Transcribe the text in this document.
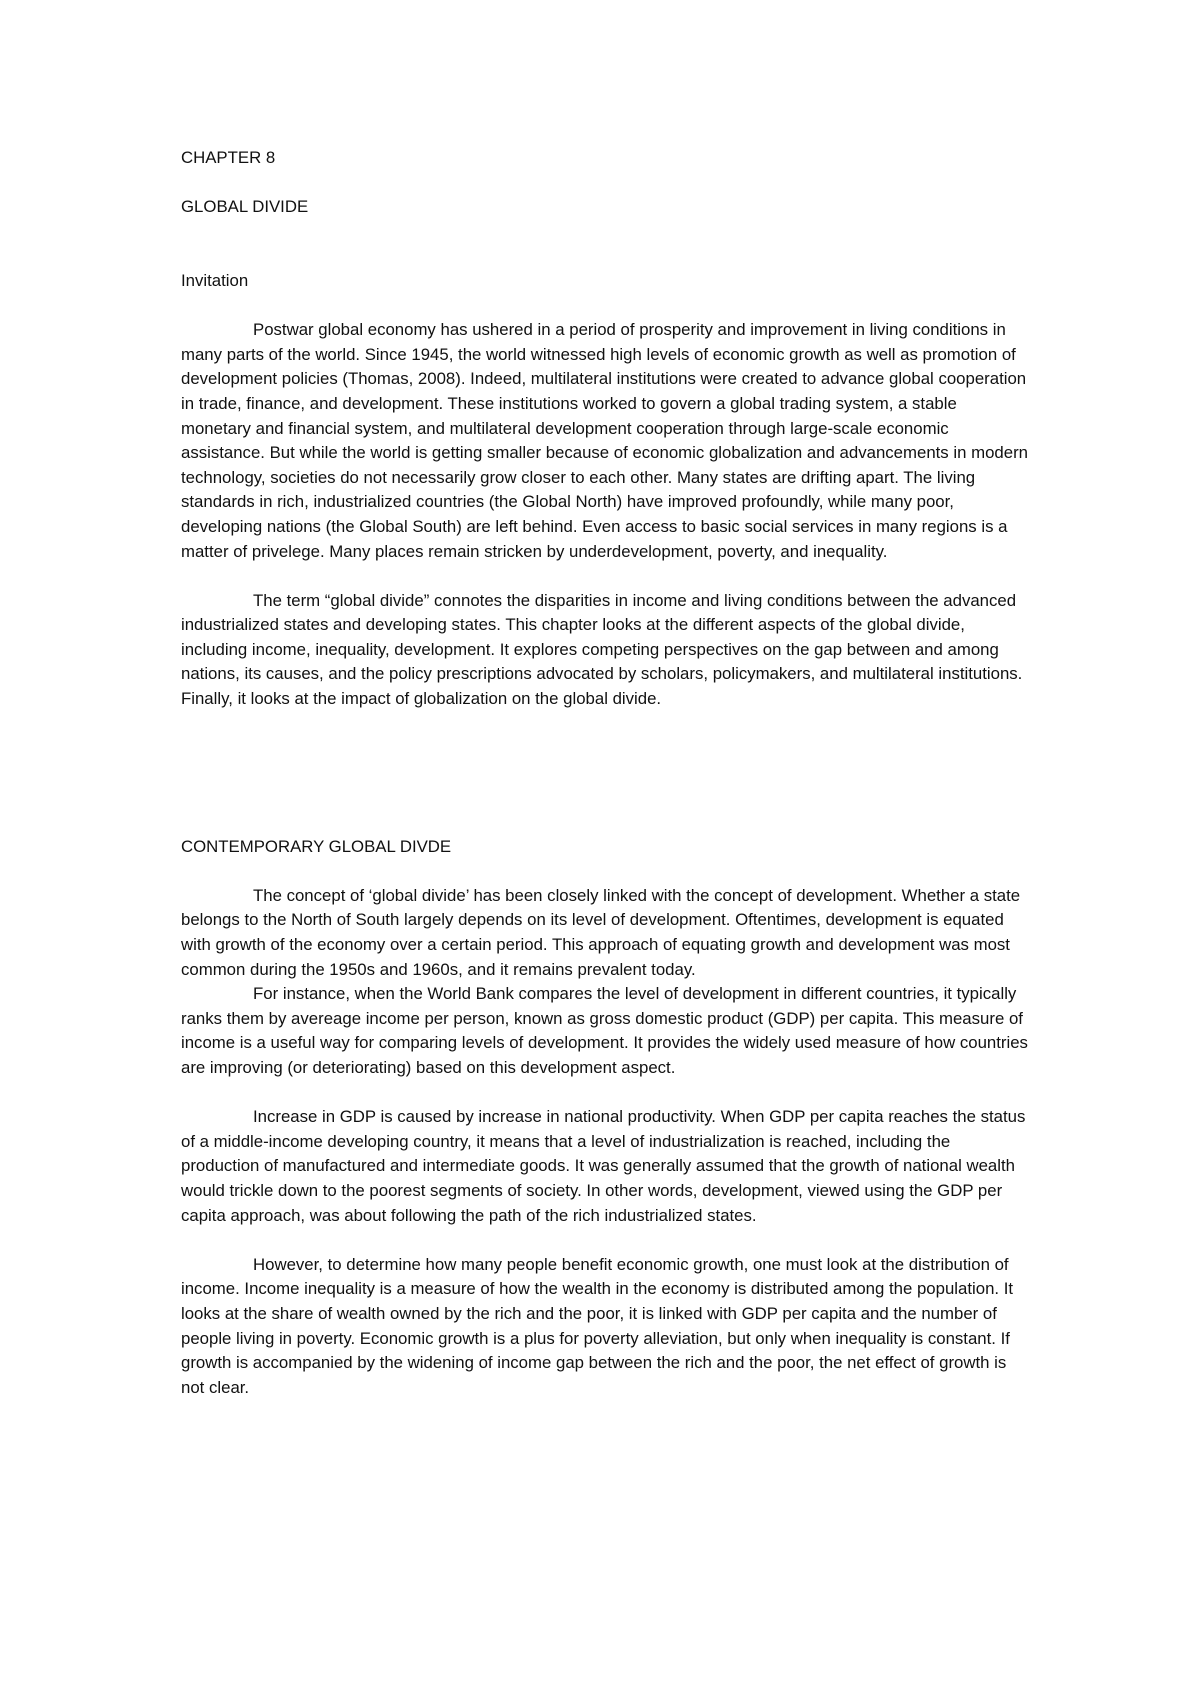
CHAPTER 8

GLOBAL DIVIDE

Invitation

Postwar global economy has ushered in a period of prosperity and improvement in living conditions in many parts of the world. Since 1945, the world witnessed high levels of economic growth as well as promotion of development policies (Thomas, 2008). Indeed, multilateral institutions were created to advance global cooperation in trade, finance, and development. These institutions worked to govern a global trading system, a stable monetary and financial system, and multilateral development cooperation through large-scale economic assistance. But while the world is getting smaller because of economic globalization and advancements in modern technology, societies do not necessarily grow closer to each other. Many states are drifting apart. The living standards in rich, industrialized countries (the Global North) have improved profoundly, while many poor, developing nations (the Global South) are left behind. Even access to basic social services in many regions is a matter of privelege. Many places remain stricken by underdevelopment, poverty, and inequality.

The term “global divide” connotes the disparities in income and living conditions between the advanced industrialized states and developing states. This chapter looks at the different aspects of the global divide, including income, inequality, development. It explores competing perspectives on the gap between and among nations, its causes, and the policy prescriptions advocated by scholars, policymakers, and multilateral institutions. Finally, it looks at the impact of globalization on the global divide.

CONTEMPORARY GLOBAL DIVDE

The concept of ‘global divide’ has been closely linked with the concept of development. Whether a state belongs to the North of South largely depends on its level of development. Oftentimes, development is equated with growth of the economy over a certain period. This approach of equating growth and development was most common during the 1950s and 1960s, and it remains prevalent today.

For instance, when the World Bank compares the level of development in different countries, it typically ranks them by avereage income per person, known as gross domestic product (GDP) per capita. This measure of income is a useful way for comparing levels of development. It provides the widely used measure of how countries are improving (or deteriorating) based on this development aspect.

Increase in GDP is caused by increase in national productivity. When GDP per capita reaches the status of a middle-income developing country, it means that a level of industrialization is reached, including the production of manufactured and intermediate goods. It was generally assumed that the growth of national wealth would trickle down to the poorest segments of society. In other words, development, viewed using the GDP per capita approach, was about following the path of the rich industrialized states.

However, to determine how many people benefit economic growth, one must look at the distribution of income. Income inequality is a measure of how the wealth in the economy is distributed among the population. It looks at the share of wealth owned by the rich and the poor, it is linked with GDP per capita and the number of people living in poverty. Economic growth is a plus for poverty alleviation, but only when inequality is constant. If growth is accompanied by the widening of income gap between the rich and the poor, the net effect of growth is not clear.
